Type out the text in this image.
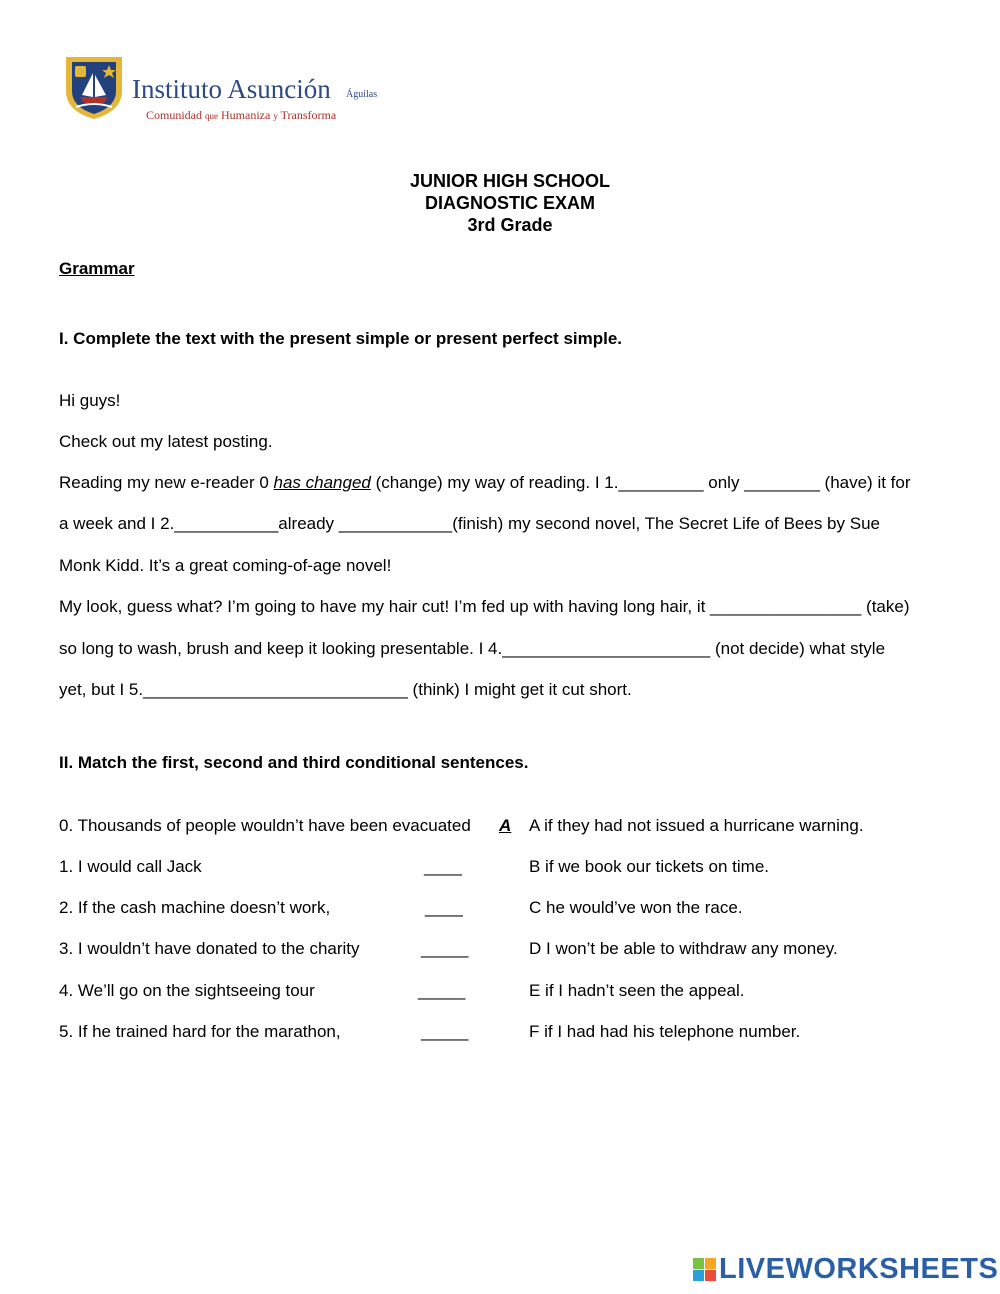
Instituto Asunción Águilas
Comunidad que Humaniza y Transforma
JUNIOR HIGH SCHOOL
DIAGNOSTIC EXAM
3rd Grade
Grammar
I. Complete the text with the present simple or present perfect simple.
Hi guys!
Check out my latest posting.
Reading my new e-reader 0 has changed (change) my way of reading. I 1._________ only ________ (have) it for
a week and I 2.___________already ____________(finish) my second novel, The Secret Life of Bees by Sue
Monk Kidd. It’s a great coming-of-age novel!
My look, guess what? I’m going to have my hair cut! I’m fed up with having long hair, it ________________ (take)
so long to wash, brush and keep it looking presentable. I 4.______________________ (not decide) what style
yet, but I 5.____________________________ (think) I might get it cut short.
II. Match the first, second and third conditional sentences.
0. Thousands of people wouldn’t have been evacuated A A if they had not issued a hurricane warning.
1. I would call Jack	____	B if we book our tickets on time.
2. If the cash machine doesn’t work,	____	C he would’ve won the race.
3. I wouldn’t have donated to the charity	_____	D I won’t be able to withdraw any money.
4. We’ll go on the sightseeing tour	_____	E if I hadn’t seen the appeal.
5. If he trained hard for the marathon,	_____	F if I had had his telephone number.
LIVEWORKSHEETS
